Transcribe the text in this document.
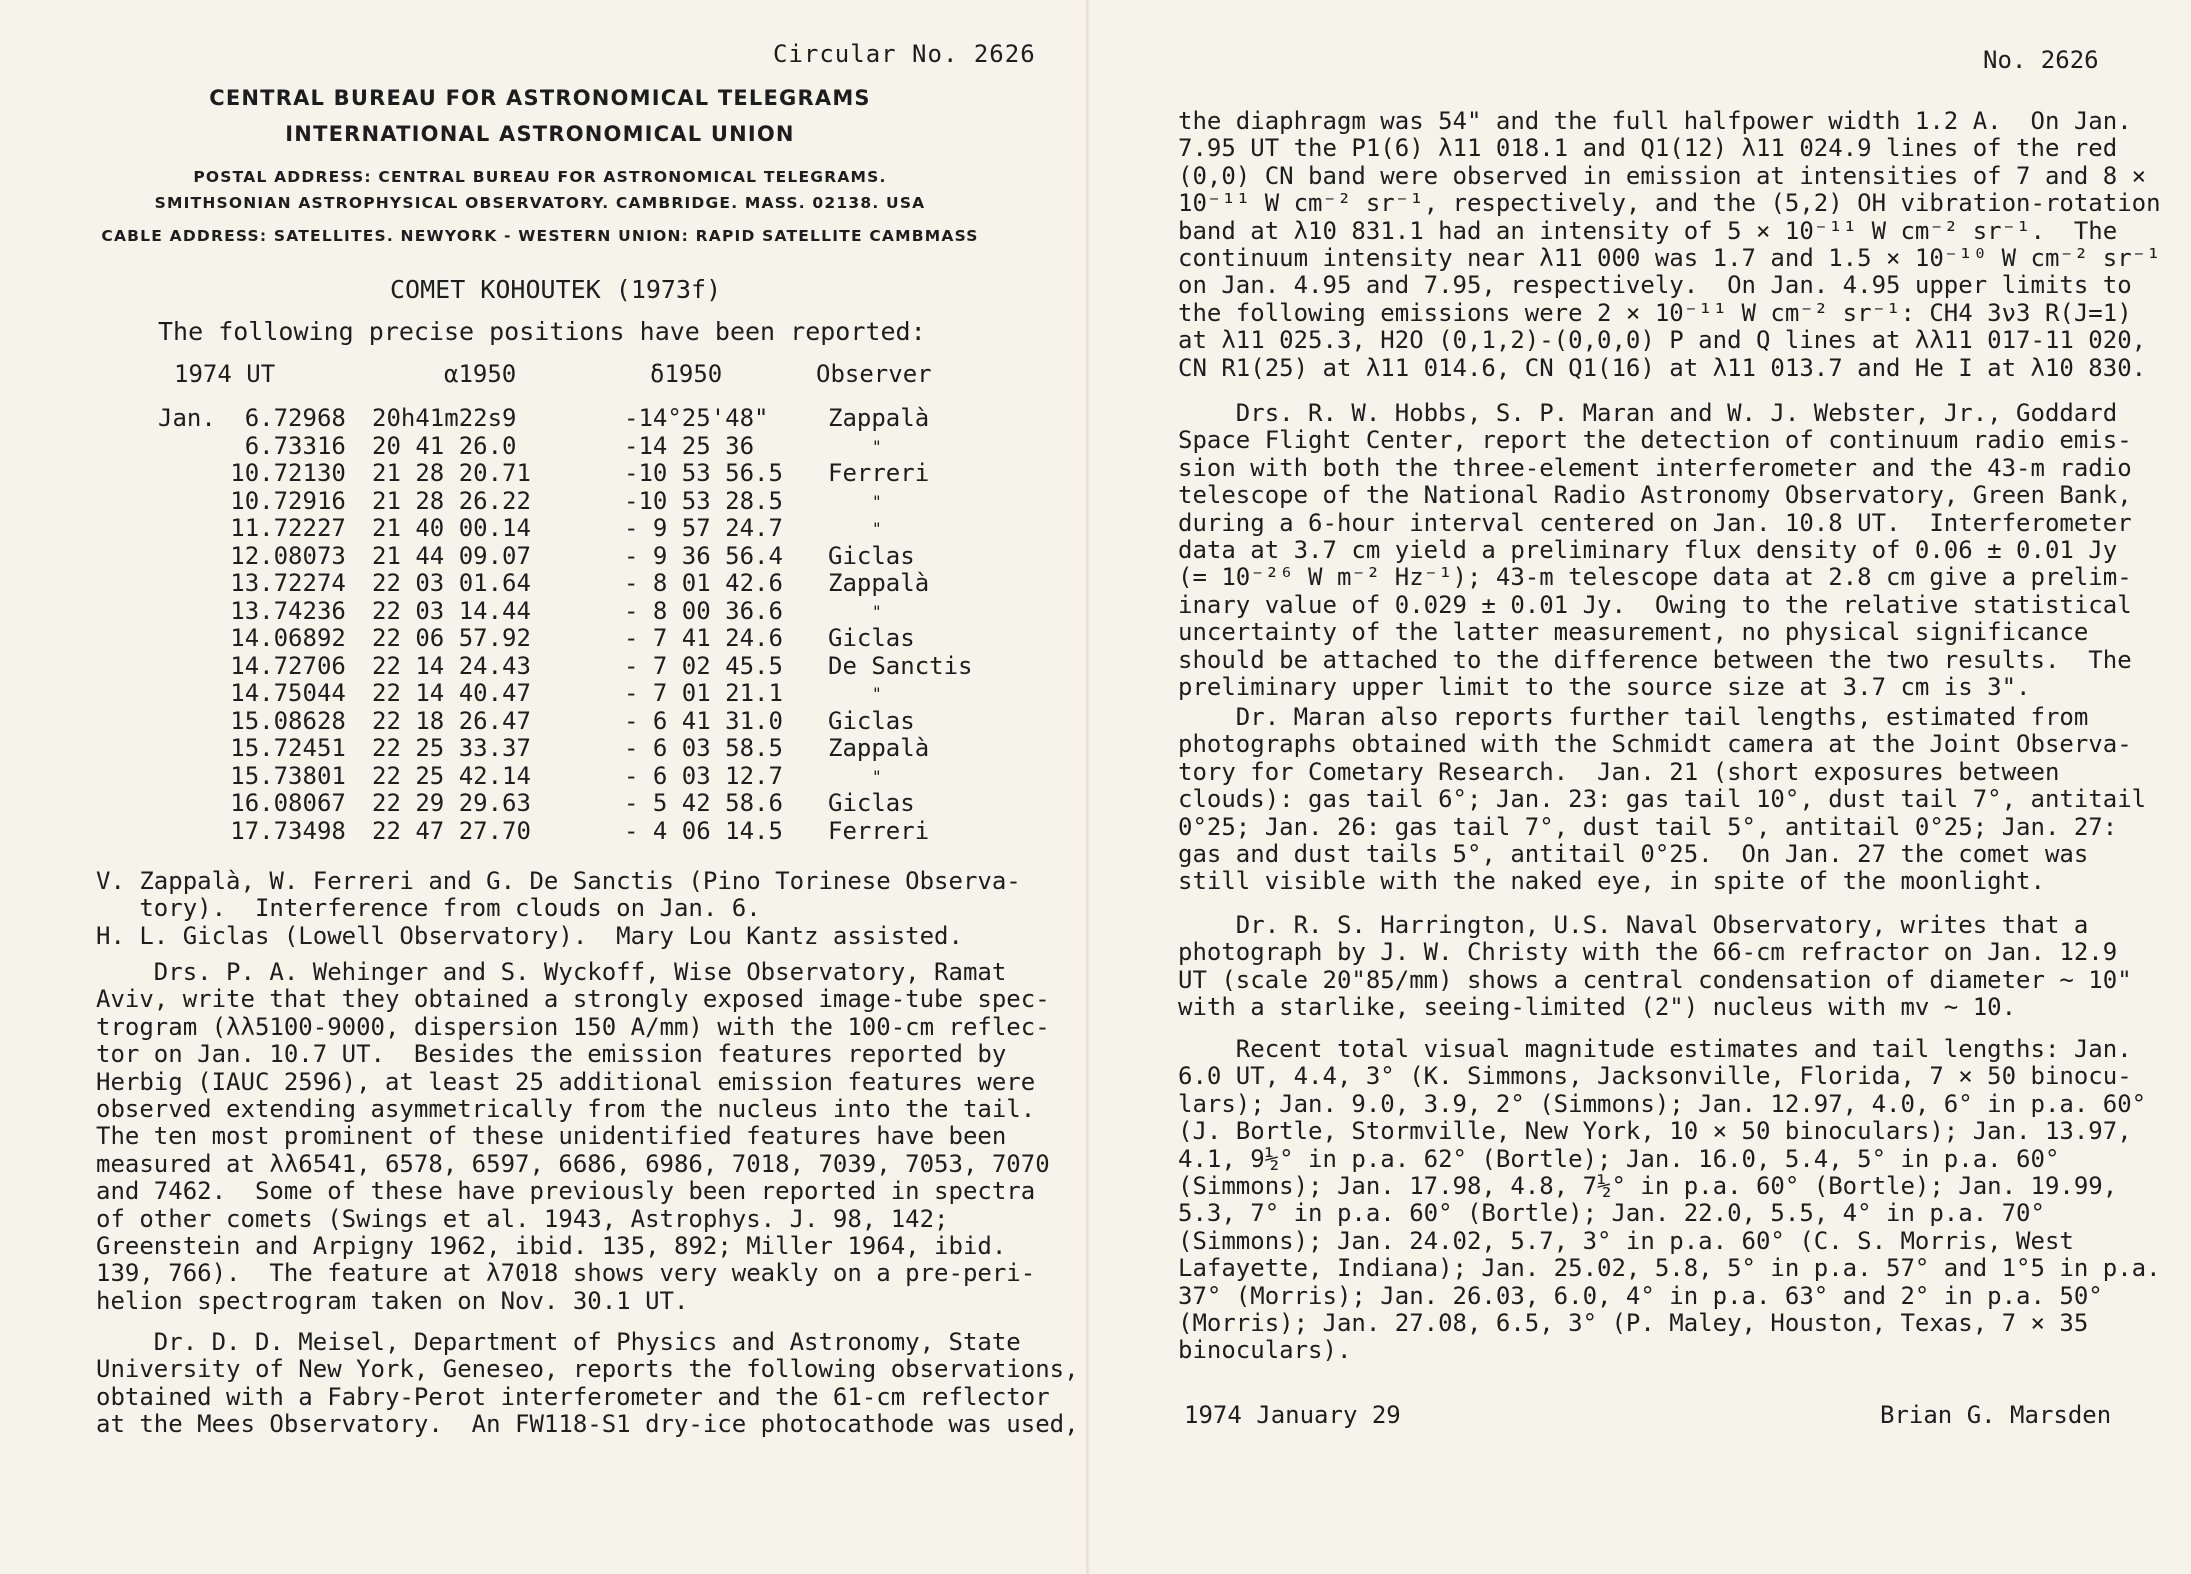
Circular No. 2626
CENTRAL BUREAU FOR ASTRONOMICAL TELEGRAMS
INTERNATIONAL ASTRONOMICAL UNION
POSTAL ADDRESS: CENTRAL BUREAU FOR ASTRONOMICAL TELEGRAMS.
SMITHSONIAN ASTROPHYSICAL OBSERVATORY. CAMBRIDGE. MASS. 02138. USA
CABLE ADDRESS: SATELLITES. NEWYORK - WESTERN UNION: RAPID SATELLITE CAMBMASS
COMET KOHOUTEK (1973f)
The following precise positions have been reported:
1974 UT	α1950	δ1950	Observer
Jan.  6.72968	20h41m22s9	-14°25'48"	Zappalà
6.73316	20 41 26.0	-14 25 36	"
10.72130	21 28 20.71	-10 53 56.5	Ferreri
10.72916	21 28 26.22	-10 53 28.5	"
11.72227	21 40 00.14	- 9 57 24.7	"
12.08073	21 44 09.07	- 9 36 56.4	Giclas
13.72274	22 03 01.64	- 8 01 42.6	Zappalà
13.74236	22 03 14.44	- 8 00 36.6	"
14.06892	22 06 57.92	- 7 41 24.6	Giclas
14.72706	22 14 24.43	- 7 02 45.5	De Sanctis
14.75044	22 14 40.47	- 7 01 21.1	"
15.08628	22 18 26.47	- 6 41 31.0	Giclas
15.72451	22 25 33.37	- 6 03 58.5	Zappalà
15.73801	22 25 42.14	- 6 03 12.7	"
16.08067	22 29 29.63	- 5 42 58.6	Giclas
17.73498	22 47 27.70	- 4 06 14.5	Ferreri

V. Zappalà, W. Ferreri and G. De Sanctis (Pino Torinese Observa-

tory).  Interference from clouds on Jan. 6.

H. L. Giclas (Lowell Observatory).  Mary Lou Kantz assisted.

Drs. P. A. Wehinger and S. Wyckoff, Wise Observatory, Ramat

Aviv, write that they obtained a strongly exposed image-tube spec-

trogram (λλ5100-9000, dispersion 150 A/mm) with the 100-cm reflec-

tor on Jan. 10.7 UT.  Besides the emission features reported by

Herbig (IAUC 2596), at least 25 additional emission features were

observed extending asymmetrically from the nucleus into the tail.

The ten most prominent of these unidentified features have been

measured at λλ6541, 6578, 6597, 6686, 6986, 7018, 7039, 7053, 7070

and 7462.  Some of these have previously been reported in spectra

of other comets (Swings et al. 1943, Astrophys. J. 98, 142;

Greenstein and Arpigny 1962, ibid. 135, 892; Miller 1964, ibid.

139, 766).  The feature at λ7018 shows very weakly on a pre-peri-

helion spectrogram taken on Nov. 30.1 UT.

Dr. D. D. Meisel, Department of Physics and Astronomy, State

University of New York, Geneseo, reports the following observations,

obtained with a Fabry-Perot interferometer and the 61-cm reflector

at the Mees Observatory.  An FW118-S1 dry-ice photocathode was used,

No. 2626

the diaphragm was 54" and the full halfpower width 1.2 A.  On Jan.

7.95 UT the P1(6) λ11 018.1 and Q1(12) λ11 024.9 lines of the red

(0,0) CN band were observed in emission at intensities of 7 and 8 ×

10⁻¹¹ W cm⁻² sr⁻¹, respectively, and the (5,2) OH vibration-rotation

band at λ10 831.1 had an intensity of 5 × 10⁻¹¹ W cm⁻² sr⁻¹.  The

continuum intensity near λ11 000 was 1.7 and 1.5 × 10⁻¹⁰ W cm⁻² sr⁻¹

on Jan. 4.95 and 7.95, respectively.  On Jan. 4.95 upper limits to

the following emissions were 2 × 10⁻¹¹ W cm⁻² sr⁻¹: CH4 3ν3 R(J=1)

at λ11 025.3, H2O (0,1,2)-(0,0,0) P and Q lines at λλ11 017-11 020,

CN R1(25) at λ11 014.6, CN Q1(16) at λ11 013.7 and He I at λ10 830.

Drs. R. W. Hobbs, S. P. Maran and W. J. Webster, Jr., Goddard

Space Flight Center, report the detection of continuum radio emis-

sion with both the three-element interferometer and the 43-m radio

telescope of the National Radio Astronomy Observatory, Green Bank,

during a 6-hour interval centered on Jan. 10.8 UT.  Interferometer

data at 3.7 cm yield a preliminary flux density of 0.06 ± 0.01 Jy

(= 10⁻²⁶ W m⁻² Hz⁻¹); 43-m telescope data at 2.8 cm give a prelim-

inary value of 0.029 ± 0.01 Jy.  Owing to the relative statistical

uncertainty of the latter measurement, no physical significance

should be attached to the difference between the two results.  The

preliminary upper limit to the source size at 3.7 cm is 3".

Dr. Maran also reports further tail lengths, estimated from

photographs obtained with the Schmidt camera at the Joint Observa-

tory for Cometary Research.  Jan. 21 (short exposures between

clouds): gas tail 6°; Jan. 23: gas tail 10°, dust tail 7°, antitail

0°25; Jan. 26: gas tail 7°, dust tail 5°, antitail 0°25; Jan. 27:

gas and dust tails 5°, antitail 0°25.  On Jan. 27 the comet was

still visible with the naked eye, in spite of the moonlight.

Dr. R. S. Harrington, U.S. Naval Observatory, writes that a

photograph by J. W. Christy with the 66-cm refractor on Jan. 12.9

UT (scale 20"85/mm) shows a central condensation of diameter ~ 10"

with a starlike, seeing-limited (2") nucleus with mv ~ 10.

Recent total visual magnitude estimates and tail lengths: Jan.

6.0 UT, 4.4, 3° (K. Simmons, Jacksonville, Florida, 7 × 50 binocu-

lars); Jan. 9.0, 3.9, 2° (Simmons); Jan. 12.97, 4.0, 6° in p.a. 60°

(J. Bortle, Stormville, New York, 10 × 50 binoculars); Jan. 13.97,

4.1, 9½° in p.a. 62° (Bortle); Jan. 16.0, 5.4, 5° in p.a. 60°

(Simmons); Jan. 17.98, 4.8, 7½° in p.a. 60° (Bortle); Jan. 19.99,

5.3, 7° in p.a. 60° (Bortle); Jan. 22.0, 5.5, 4° in p.a. 70°

(Simmons); Jan. 24.02, 5.7, 3° in p.a. 60° (C. S. Morris, West

Lafayette, Indiana); Jan. 25.02, 5.8, 5° in p.a. 57° and 1°5 in p.a.

37° (Morris); Jan. 26.03, 6.0, 4° in p.a. 63° and 2° in p.a. 50°

(Morris); Jan. 27.08, 6.5, 3° (P. Maley, Houston, Texas, 7 × 35

binoculars).

1974 January 29	Brian G. Marsden
